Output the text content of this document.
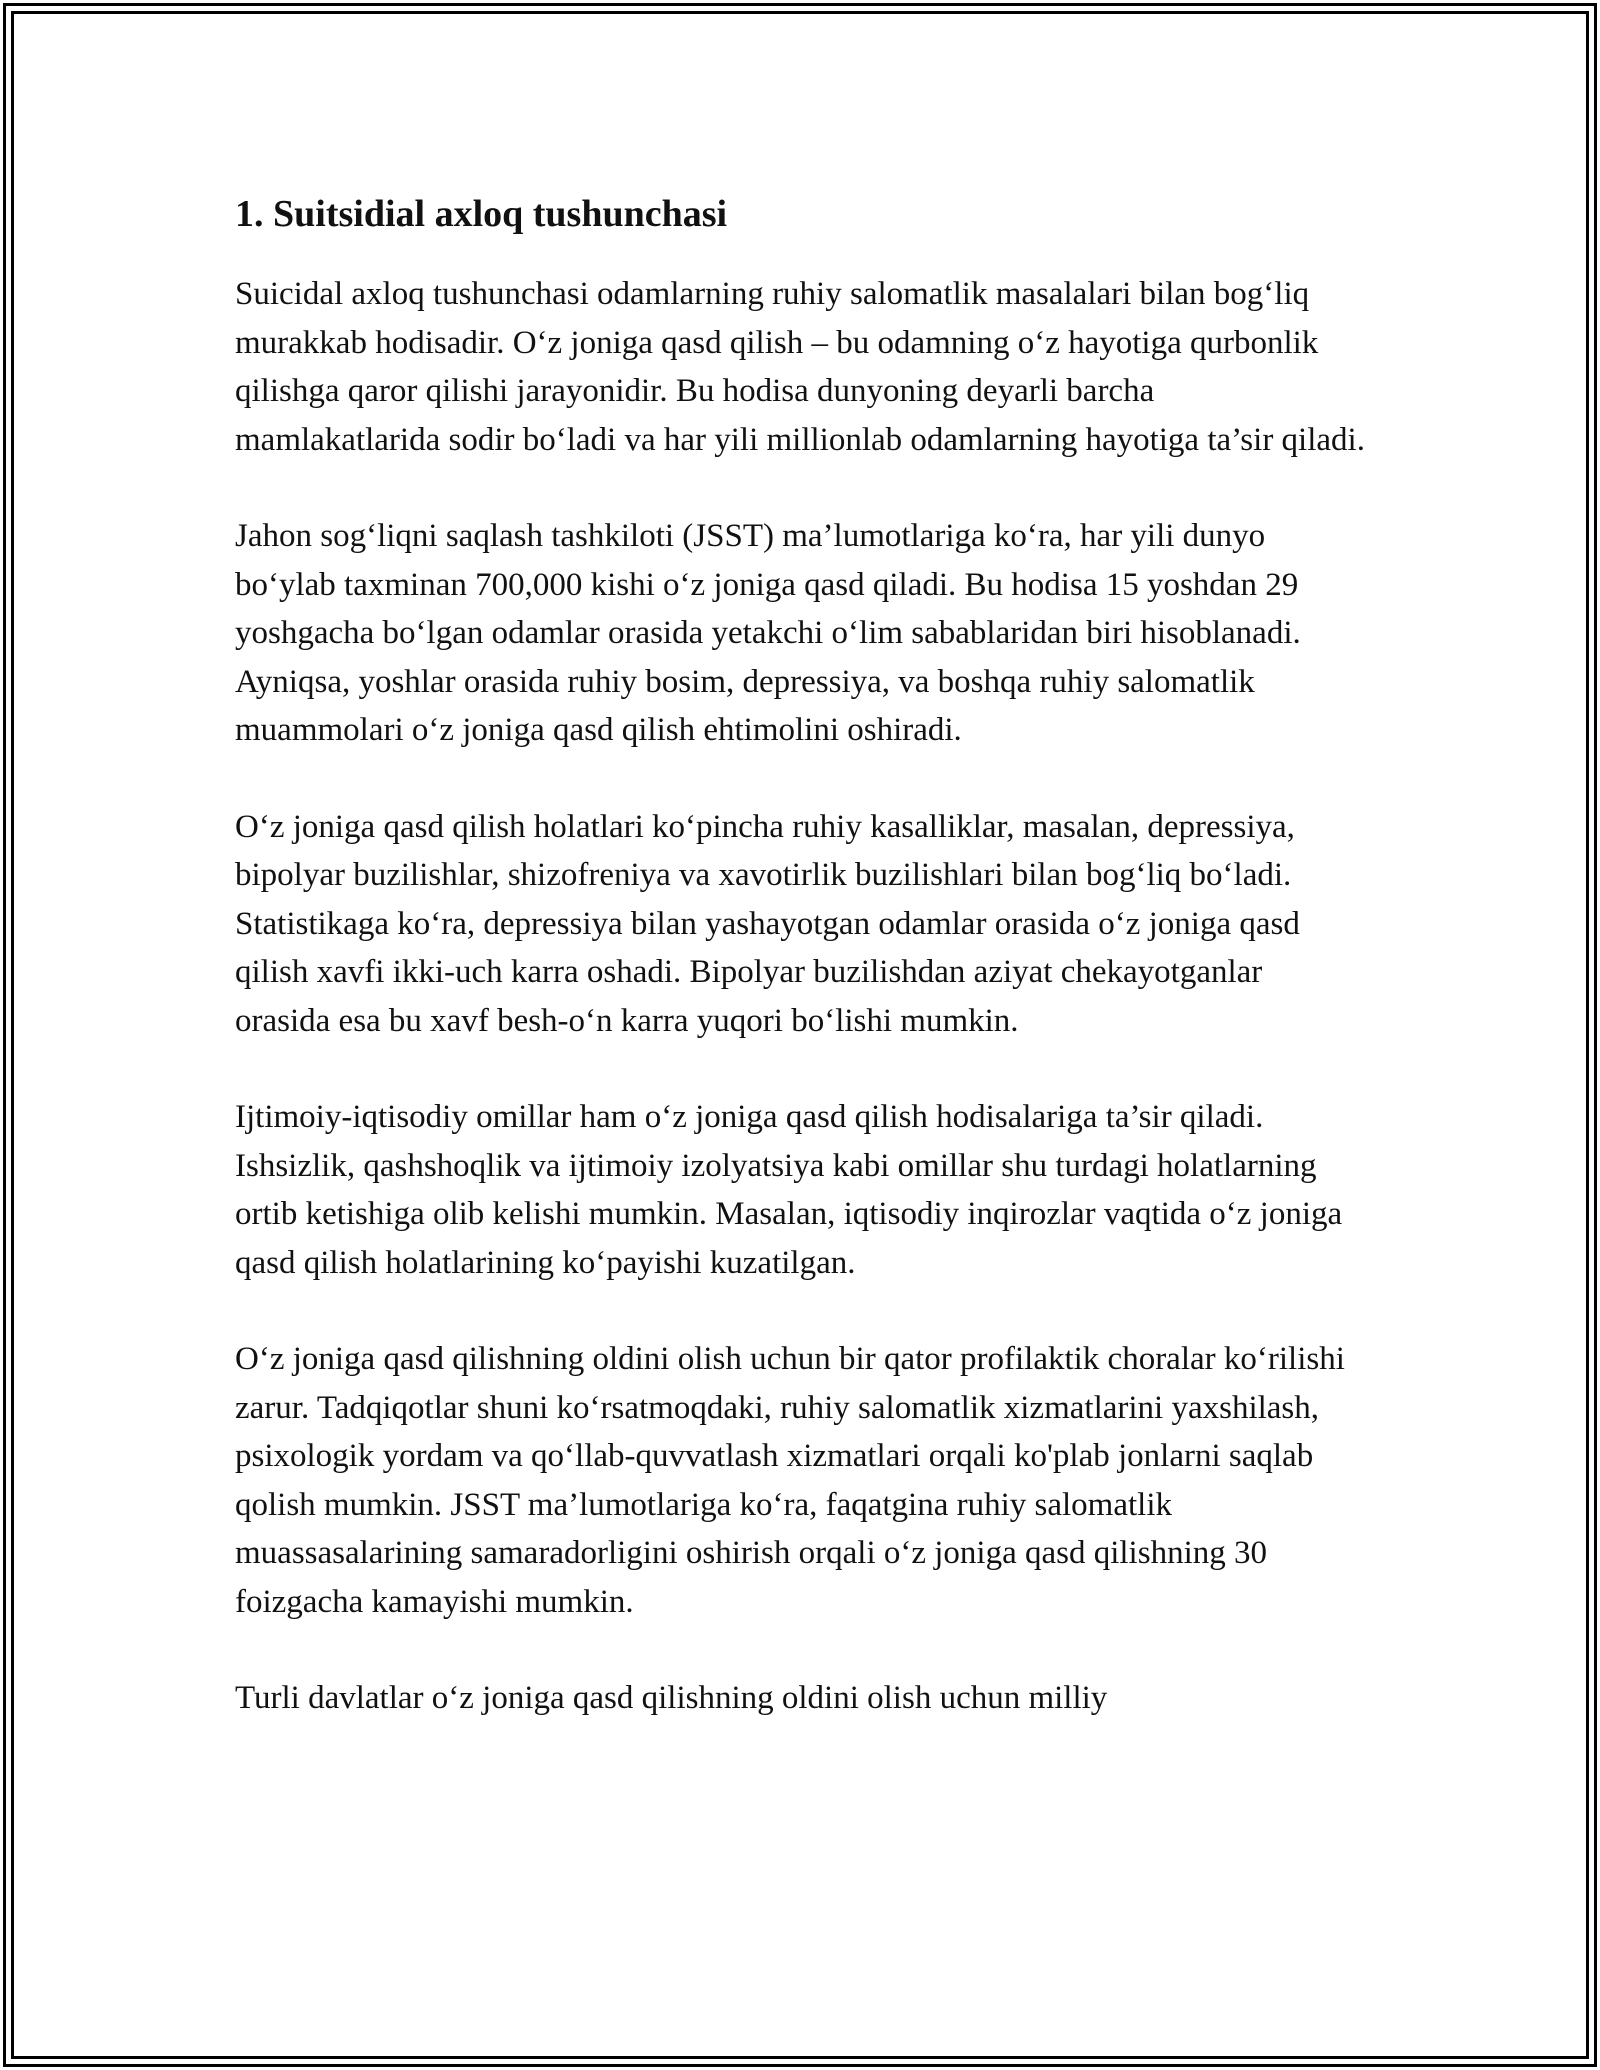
1. Suitsidial axloq tushunchasi

Suicidal axloq tushunchasi odamlarning ruhiy salomatlik masalalari bilan bog‘liq murakkab hodisadir. O‘z joniga qasd qilish – bu odamning o‘z hayotiga qurbonlik qilishga qaror qilishi jarayonidir. Bu hodisa dunyoning deyarli barcha mamlakatlarida sodir bo‘ladi va har yili millionlab odamlarning hayotiga ta’sir qiladi.

Jahon sog‘liqni saqlash tashkiloti (JSST) ma’lumotlariga ko‘ra, har yili dunyo bo‘ylab taxminan 700,000 kishi o‘z joniga qasd qiladi. Bu hodisa 15 yoshdan 29 yoshgacha bo‘lgan odamlar orasida yetakchi o‘lim sabablaridan biri hisoblanadi. Ayniqsa, yoshlar orasida ruhiy bosim, depressiya, va boshqa ruhiy salomatlik muammolari o‘z joniga qasd qilish ehtimolini oshiradi.

O‘z joniga qasd qilish holatlari ko‘pincha ruhiy kasalliklar, masalan, depressiya, bipolyar buzilishlar, shizofreniya va xavotirlik buzilishlari bilan bog‘liq bo‘ladi. Statistikaga ko‘ra, depressiya bilan yashayotgan odamlar orasida o‘z joniga qasd qilish xavfi ikki-uch karra oshadi. Bipolyar buzilishdan aziyat chekayotganlar orasida esa bu xavf besh-o‘n karra yuqori bo‘lishi mumkin.

Ijtimoiy-iqtisodiy omillar ham o‘z joniga qasd qilish hodisalariga ta’sir qiladi. Ishsizlik, qashshoqlik va ijtimoiy izolyatsiya kabi omillar shu turdagi holatlarning ortib ketishiga olib kelishi mumkin. Masalan, iqtisodiy inqirozlar vaqtida o‘z joniga qasd qilish holatlarining ko‘payishi kuzatilgan.

O‘z joniga qasd qilishning oldini olish uchun bir qator profilaktik choralar ko‘rilishi zarur. Tadqiqotlar shuni ko‘rsatmoqdaki, ruhiy salomatlik xizmatlarini yaxshilash, psixologik yordam va qo‘llab-quvvatlash xizmatlari orqali ko'plab jonlarni saqlab qolish mumkin. JSST ma’lumotlariga ko‘ra, faqatgina ruhiy salomatlik muassasalarining samaradorligini oshirish orqali o‘z joniga qasd qilishning 30 foizgacha kamayishi mumkin.

Turli davlatlar o‘z joniga qasd qilishning oldini olish uchun milliy
